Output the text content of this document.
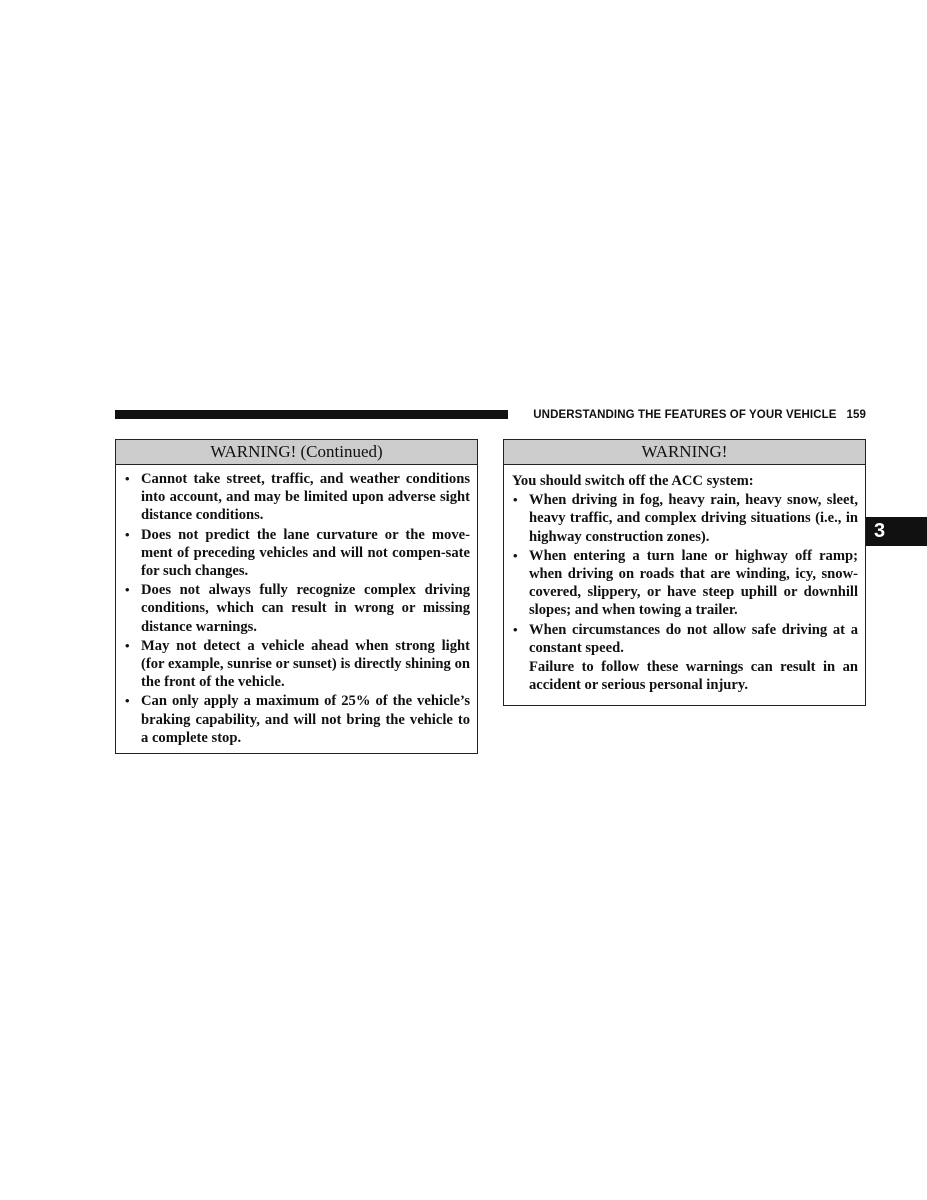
UNDERSTANDING THE FEATURES OF YOUR VEHICLE 159
WARNING! (Continued)
• Cannot take street, traffic, and weather conditions into account, and may be limited upon adverse sight distance conditions.
• Does not predict the lane curvature or the move-ment of preceding vehicles and will not compen-sate for such changes.
• Does not always fully recognize complex driving conditions, which can result in wrong or missing distance warnings.
• May not detect a vehicle ahead when strong light (for example, sunrise or sunset) is directly shining on the front of the vehicle.
• Can only apply a maximum of 25% of the vehicle’s braking capability, and will not bring the vehicle to a complete stop.
WARNING!

You should switch off the ACC system:

• When driving in fog, heavy rain, heavy snow, sleet, heavy traffic, and complex driving situations (i.e., in highway construction zones).
• When entering a turn lane or highway off ramp; when driving on roads that are winding, icy, snow-covered, slippery, or have steep uphill or downhill slopes; and when towing a trailer.
• When circumstances do not allow safe driving at a constant speed.
Failure to follow these warnings can result in an accident or serious personal injury.
3
